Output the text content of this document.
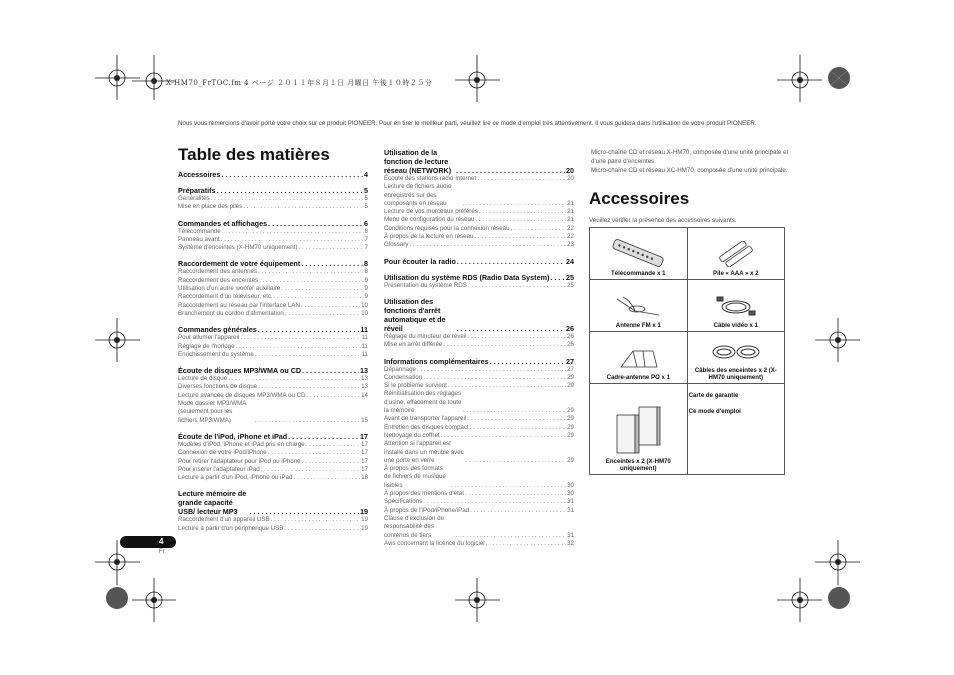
X-HM70_FrTOC.fm 4 ページ ２０１１年８月１日 月曜日 午後１０時２５分
Nous vous remercions d'avoir porté votre choix sur ce produit PIONEER. Pour en tirer le meilleur parti, veuillez lire ce mode d'emploi très attentivement. Il vous guidera dans l'utilisation de votre produit PIONEER.
Table des matières
Accessoires . . .	4
Préparatifs . . .	5
Généralités . . .	5
Mise en place des piles . . .	5
Commandes et affichages . . .	6
Télécommande . . .	6
Panneau avant . . .	7
Système d'enceintes (X-HM70 uniquement) . . .	7
Raccordement de votre équipement . . .	8
Raccordement des antennes . . .	8
Raccordement des enceintes . . .	9
Utilisation d'un autre woofer auxiliaire . . .	9
Raccordement d'un téléviseur, etc. . . .	9
Raccordement au réseau par l'interface LAN . . .	10
Branchement du cordon d'alimentation . . .	10
Commandes générales . . .	11
Pour allumer l'appareil . . .	11
Réglage de l'horloge . . .	11
Enrichissement du système . . .	11
Écoute de disques MP3/WMA ou CD . . .	13
Lecture de disque . . .	13
Diverses fonctions de disque . . .	13
Lecture avancée de disques MP3/WMA ou CD . . .	14
Mode dossier MP3/WMA (seulement pour les fichiers MP3/WMA) . . .	15
Écoute de l'iPod, iPhone et iPad . . .	17
Modèles d'iPod, iPhone et iPad pris en charge . . .	17
Connexion de votre iPod/iPhone . . .	17
Pour retirer l'adaptateur pour iPod ou iPhone . . .	17
Pour insérer l'adaptateur iPad . . .	17
Lecture à partir d'un iPod, iPhone ou iPad . . .	18
Lecture mémoire de grande capacité USB/ lecteur MP3 . . .	19
Raccordement d'un appareil USB . . .	19
Lecture à partir d'un périphérique USB . . .	19
Utilisation de la fonction de lecture réseau (NETWORK) . . .	20
Écoute des stations radio Internet . . .	20
Lecture de fichiers audio enregistrés sur des composants en réseau . . .	21
Lecture de vos morceaux préférés . . .	21
Menu de configuration du réseau . . .	21
Conditions requises pour la connexion réseau . . .	22
À propos de la lecture en réseau . . .	22
Glossary . . .	23
Pour écouter la radio . . .	24
Utilisation du système RDS (Radio Data System) . . . 25
Présentation du système RDS . . .	25
Utilisation des fonctions d'arrêt automatique et de réveil . . .	26
Réglage du minuteur de réveil . . .	26
Mise en arrêt différée . . .	26
Informations complémentaires . . .	27
Dépannage . . .	27
Condensation . . .	29
Si le problème survient . . .	29
Réinitialisation des réglages d'usine, effacement de toute la mémoire . . .	29
Avant de transporter l'appareil . . .	29
Entretien des disques compact . . .	29
Nettoyage du coffret . . .	29
Attention si l'appareil est installé dans un meuble avec une porte en verre . . .	29
À propos des formats de fichiers de musique lisibles . . .	30
À propos des mentions d'état . . .	30
Spécifications . . .	31
À propos de l'iPod/iPhone/iPad . . .	31
Clause d'exclusion de responsabilité des contenus de tiers . . .	31
Avis concernant la licence du logiciel . . .	32
Micro-chaîne CD et réseau X-HM70, composée d'une unité principale et d'une paire d'enceintes.
Micro-chaîne CD et réseau XC-HM70, composée d'une unité principale.
Accessoires
Veuillez vérifier la présence des accessoires suivants.
Télécommande x 1	Pile « AAA » x 2

Antenne FM x 1	Câble vidéo x 1

Cadre-antenne PO x 1	Câbles des enceintes x 2 (X-HM70 uniquement)

Enceintes x 2 (X-HM70 uniquement)	Carte de garantie
Ce mode d'emploi
4
Fr
